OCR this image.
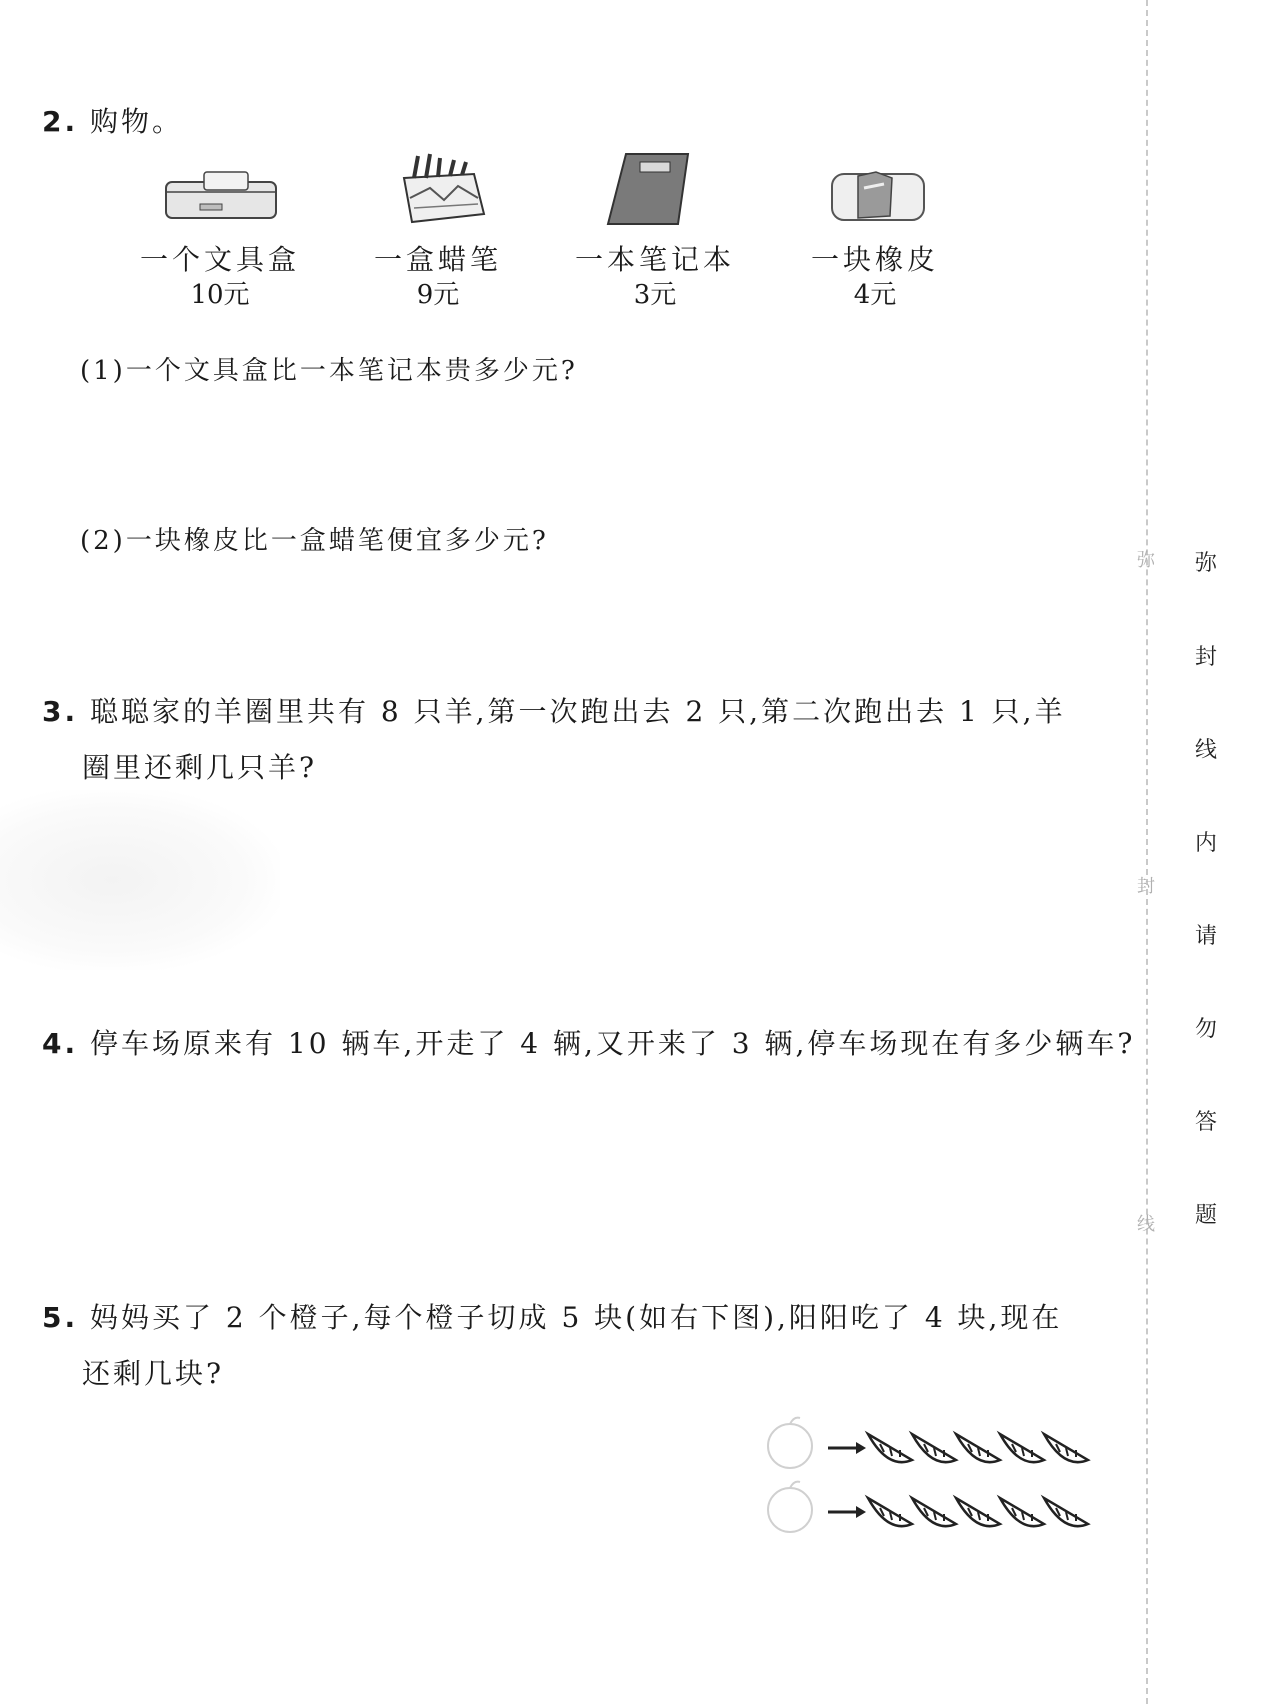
2. 购物。
一个文具盒
10元
一盒蜡笔
9元
一本笔记本
3元
一块橡皮
4元
(1)一个文具盒比一本笔记本贵多少元?
(2)一块橡皮比一盒蜡笔便宜多少元?
3. 聪聪家的羊圈里共有 8 只羊,第一次跑出去 2 只,第二次跑出去 1 只,羊
圈里还剩几只羊?
4. 停车场原来有 10 辆车,开走了 4 辆,又开来了 3 辆,停车场现在有多少辆车?
5. 妈妈买了 2 个橙子,每个橙子切成 5 块(如右下图),阳阳吃了 4 块,现在
还剩几块?
弥
封
线
弥
封
线
内
请
勿
答
题
